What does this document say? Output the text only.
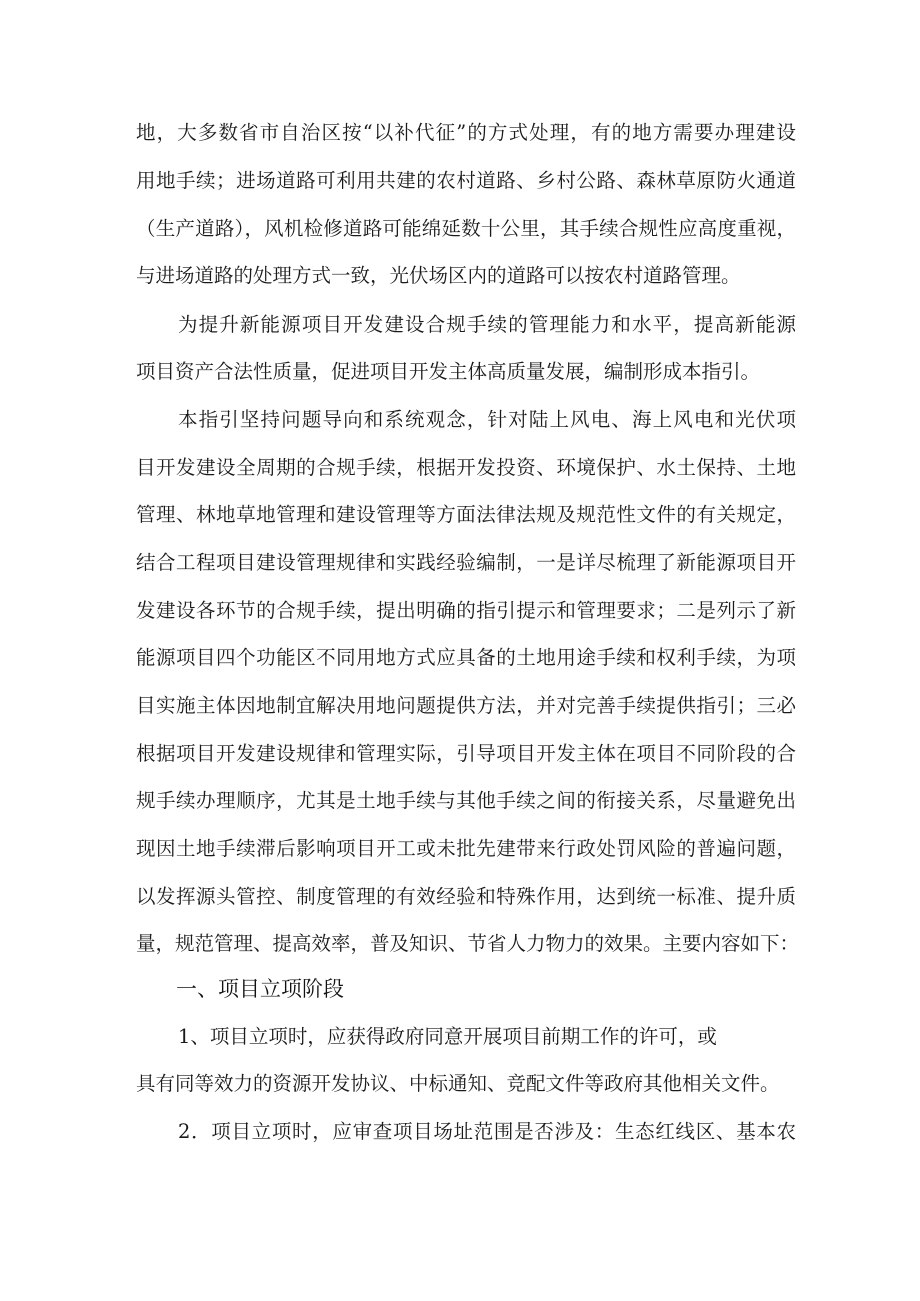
地，大多数省市自治区按“以补代征”的方式处理，有的地方需要办理建设
用地手续；进场道路可利用共建的农村道路、乡村公路、森林草原防火通道
（生产道路），风机检修道路可能绵延数十公里，其手续合规性应高度重视，
与进场道路的处理方式一致，光伏场区内的道路可以按农村道路管理。
为提升新能源项目开发建设合规手续的管理能力和水平，提高新能源
项目资产合法性质量，促进项目开发主体高质量发展，编制形成本指引。
本指引坚持问题导向和系统观念，针对陆上风电、海上风电和光伏项
目开发建设全周期的合规手续，根据开发投资、环境保护、水土保持、土地
管理、林地草地管理和建设管理等方面法律法规及规范性文件的有关规定，
结合工程项目建设管理规律和实践经验编制，一是详尽梳理了新能源项目开
发建设各环节的合规手续，提出明确的指引提示和管理要求；二是列示了新
能源项目四个功能区不同用地方式应具备的土地用途手续和权利手续，为项
目实施主体因地制宜解决用地问题提供方法，并对完善手续提供指引；三必
根据项目开发建设规律和管理实际，引导项目开发主体在项目不同阶段的合
规手续办理顺序，尤其是土地手续与其他手续之间的衔接关系，尽量避免出
现因土地手续滞后影响项目开工或未批先建带来行政处罚风险的普遍问题，
以发挥源头管控、制度管理的有效经验和特殊作用，达到统一标准、提升质
量，规范管理、提高效率，普及知识、节省人力物力的效果。主要内容如下：
一、项目立项阶段
1、项目立项时，应获得政府同意开展项目前期工作的许可，或
具有同等效力的资源开发协议、中标通知、竞配文件等政府其他相关文件。
2．项目立项时，应审查项目场址范围是否涉及：生态红线区、基本农
